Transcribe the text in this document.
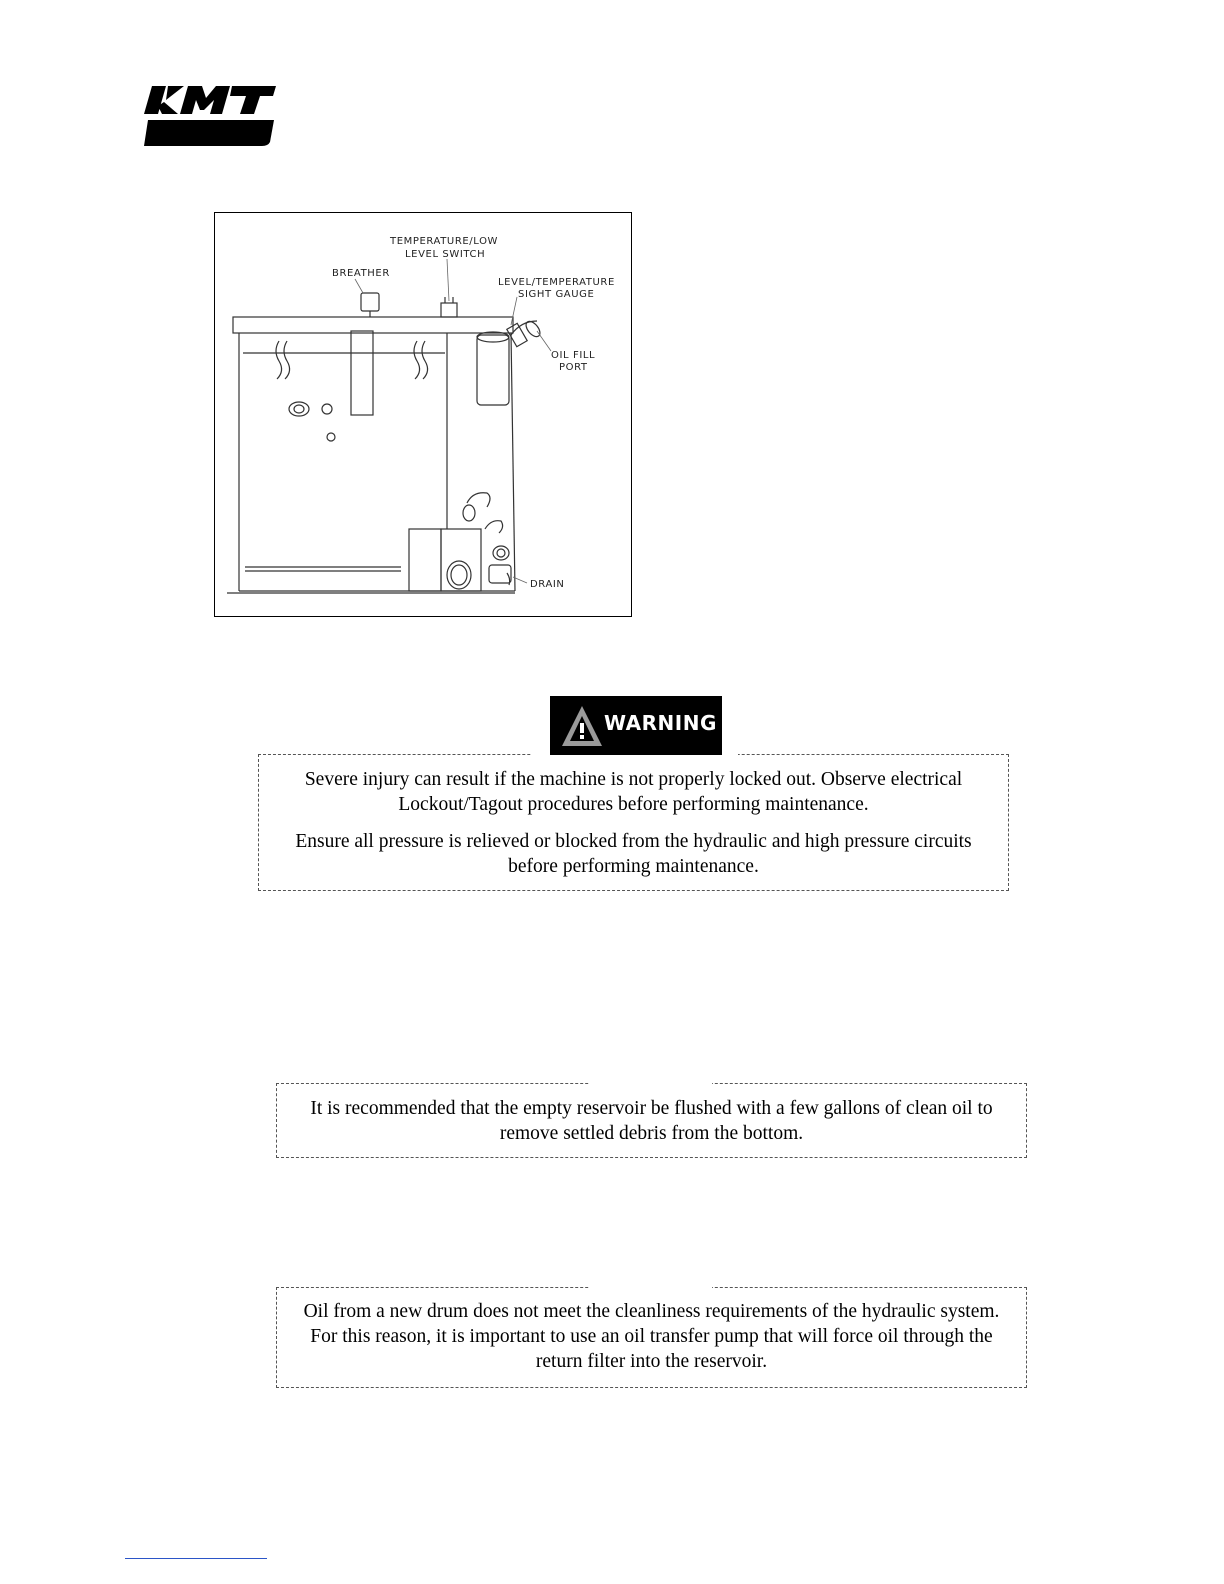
KMT
TEMPERATURE/LOW
LEVEL SWITCH
BREATHER
LEVEL/TEMPERATURE
SIGHT GAUGE
OIL FILL
PORT
DRAIN

Severe injury can result if the machine is not properly locked out. Observe electrical Lockout/Tagout procedures before performing maintenance.

Ensure all pressure is relieved or blocked from the hydraulic and high pressure circuits before performing maintenance.

WARNING

It is recommended that the empty reservoir be flushed with a few gallons of clean oil to remove settled debris from the bottom.

Oil from a new drum does not meet the cleanliness requirements of the hydraulic system. For this reason, it is important to use an oil transfer pump that will force oil through the return filter into the reservoir.
